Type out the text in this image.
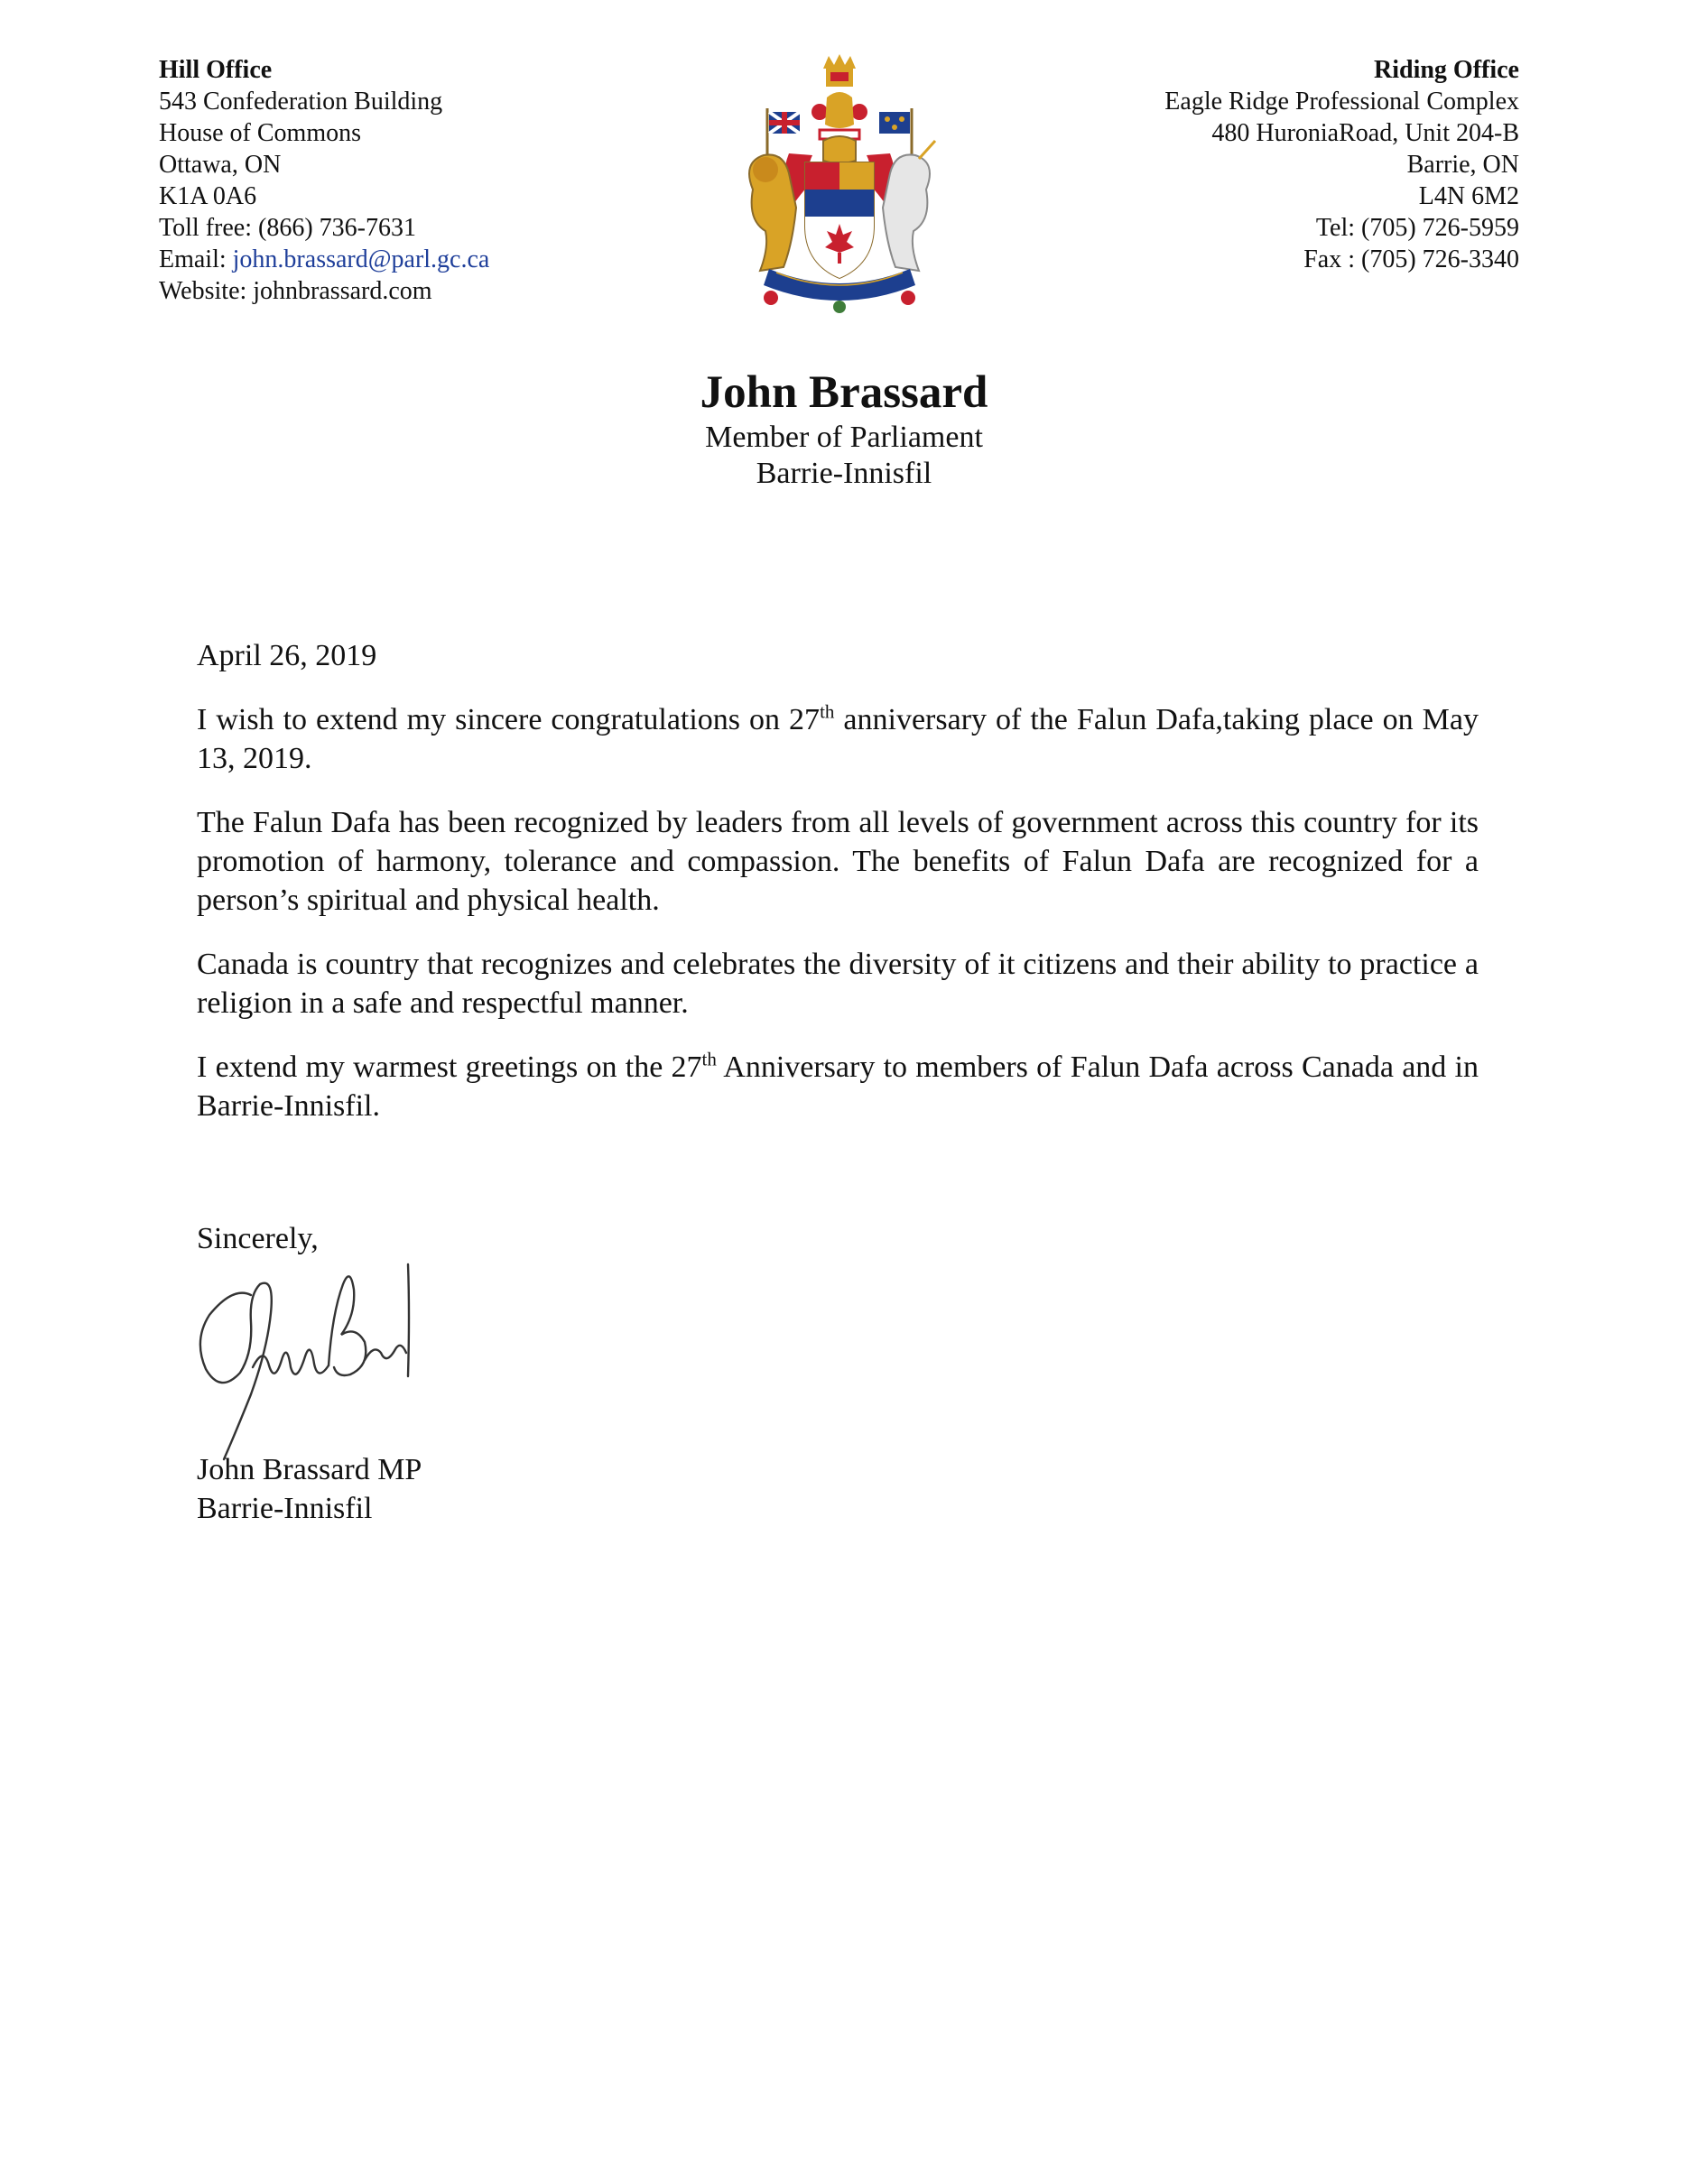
Hill Office
543 Confederation Building
House of Commons
Ottawa, ON
K1A 0A6
Toll free: (866) 736-7631
Email: john.brassard@parl.gc.ca
Website: johnbrassard.com
Riding Office
Eagle Ridge Professional Complex
480 HuroniaRoad, Unit 204-B
Barrie, ON
L4N 6M2
Tel: (705) 726-5959
Fax : (705) 726-3340
John Brassard
Member of Parliament
Barrie-Innisfil
April 26, 2019

I wish to extend my sincere congratulations on 27th anniversary of the Falun Dafa,taking place on May 13, 2019.

The Falun Dafa has been recognized by leaders from all levels of government across this country for its promotion of harmony, tolerance and compassion. The benefits of Falun Dafa are recognized for a person’s spiritual and physical health.

Canada is country that recognizes and celebrates the diversity of it citizens and their ability to practice a religion in a safe and respectful manner.

I extend my warmest greetings on the 27th Anniversary to members of Falun Dafa across Canada and in Barrie-Innisfil.

Sincerely,
John Brassard MP
Barrie-Innisfil
